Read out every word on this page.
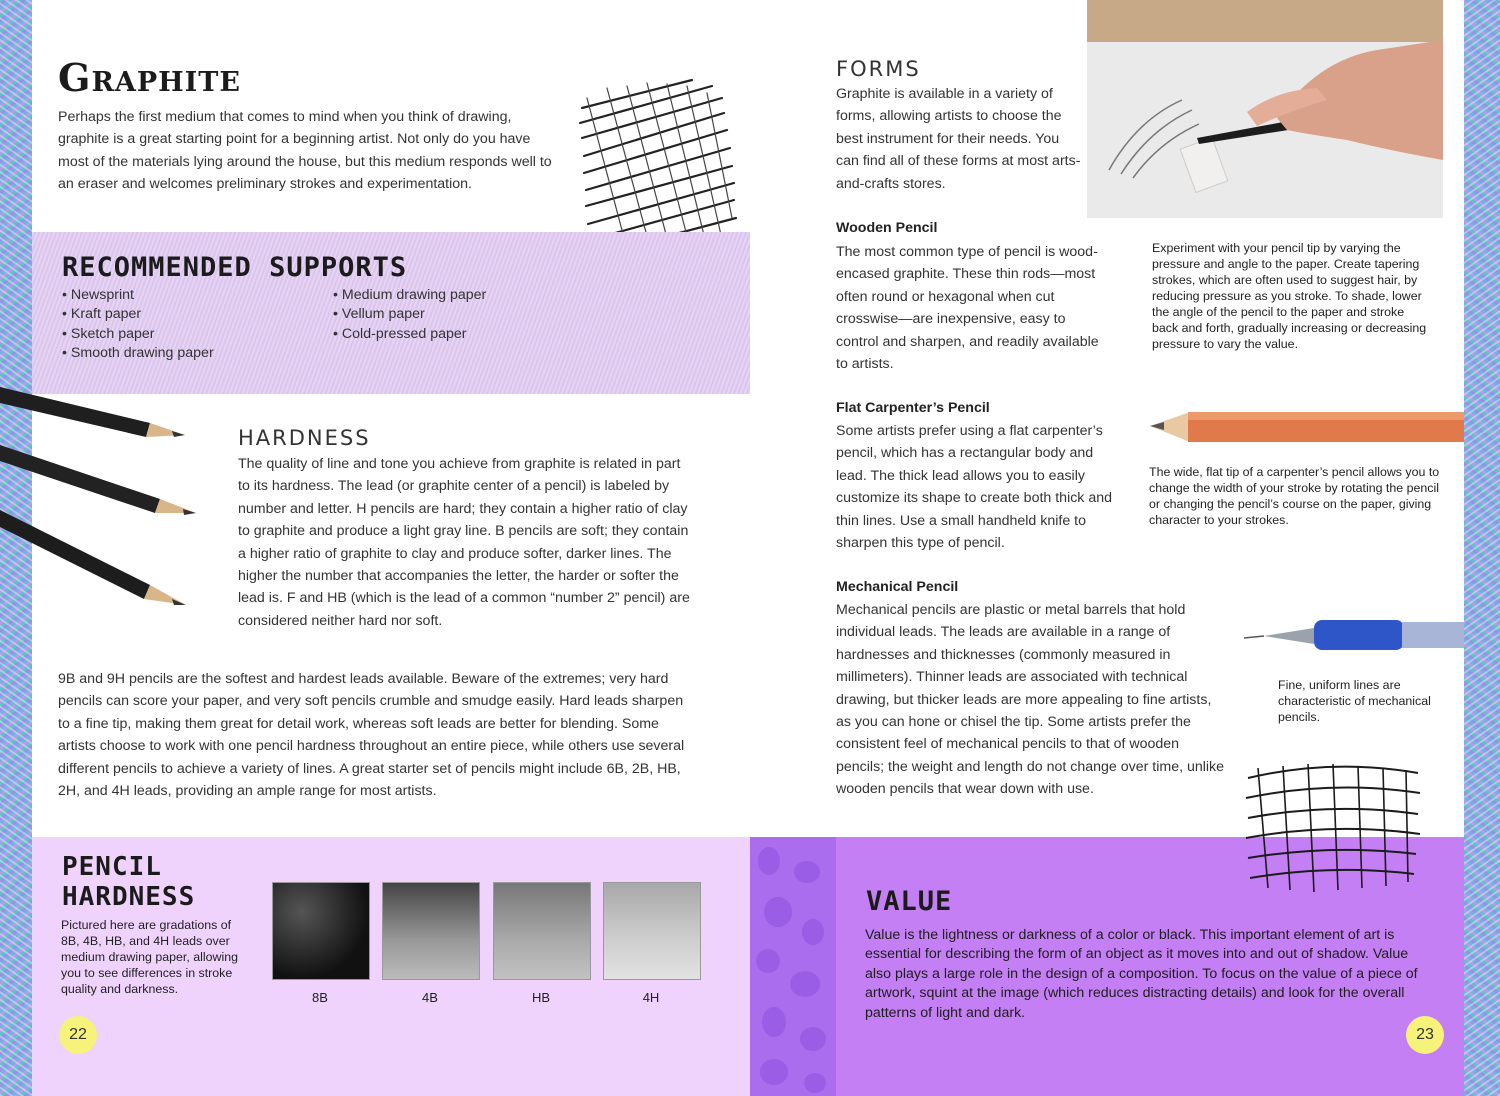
Graphite
Perhaps the first medium that comes to mind when you think of drawing, graphite is a great starting point for a beginning artist. Not only do you have most of the materials lying around the house, but this medium responds well to an eraser and welcomes preliminary strokes and experimentation.
RECOMMENDED SUPPORTS
• Newsprint
• Kraft paper
• Sketch paper
• Smooth drawing paper
• Medium drawing paper
• Vellum paper
• Cold-pressed paper
HARDNESS
The quality of line and tone you achieve from graphite is related in part to its hardness. The lead (or graphite center of a pencil) is labeled by number and letter. H pencils are hard; they contain a higher ratio of clay to graphite and produce a light gray line. B pencils are soft; they contain a higher ratio of graphite to clay and produce softer, darker lines. The higher the number that accompanies the letter, the harder or softer the lead is. F and HB (which is the lead of a common “number 2” pencil) are considered neither hard nor soft.
9B and 9H pencils are the softest and hardest leads available. Beware of the extremes; very hard pencils can score your paper, and very soft pencils crumble and smudge easily. Hard leads sharpen to a fine tip, making them great for detail work, whereas soft leads are better for blending. Some artists choose to work with one pencil hardness throughout an entire piece, while others use several different pencils to achieve a variety of lines. A great starter set of pencils might include 6B, 2B, HB, 2H, and 4H leads, providing an ample range for most artists.
PENCIL
HARDNESS
Pictured here are gradations of 8B, 4B, HB, and 4H leads over medium drawing paper, allowing you to see differences in stroke quality and darkness.
8B	4B	HB	4H
22
FORMS
Graphite is available in a variety of forms, allowing artists to choose the best instrument for their needs. You can find all of these forms at most arts-and-crafts stores.
Wooden Pencil
The most common type of pencil is wood-encased graphite. These thin rods—most often round or hexagonal when cut crosswise—are inexpensive, easy to control and sharpen, and readily available to artists.
Experiment with your pencil tip by varying the pressure and angle to the paper. Create tapering strokes, which are often used to suggest hair, by reducing pressure as you stroke. To shade, lower the angle of the pencil to the paper and stroke back and forth, gradually increasing or decreasing pressure to vary the value.
Flat Carpenter’s Pencil
Some artists prefer using a flat carpenter’s pencil, which has a rectangular body and lead. The thick lead allows you to easily customize its shape to create both thick and thin lines. Use a small handheld knife to sharpen this type of pencil.
The wide, flat tip of a carpenter’s pencil allows you to change the width of your stroke by rotating the pencil or changing the pencil’s course on the paper, giving character to your strokes.
Mechanical Pencil
Mechanical pencils are plastic or metal barrels that hold individual leads. The leads are available in a range of hardnesses and thicknesses (commonly measured in millimeters). Thinner leads are associated with technical drawing, but thicker leads are more appealing to fine artists, as you can hone or chisel the tip. Some artists prefer the consistent feel of mechanical pencils to that of wooden pencils; the weight and length do not change over time, unlike wooden pencils that wear down with use.
Fine, uniform lines are characteristic of mechanical pencils.
VALUE
Value is the lightness or darkness of a color or black. This important element of art is essential for describing the form of an object as it moves into and out of shadow. Value also plays a large role in the design of a composition. To focus on the value of a piece of artwork, squint at the image (which reduces distracting details) and look for the overall patterns of light and dark.
23
